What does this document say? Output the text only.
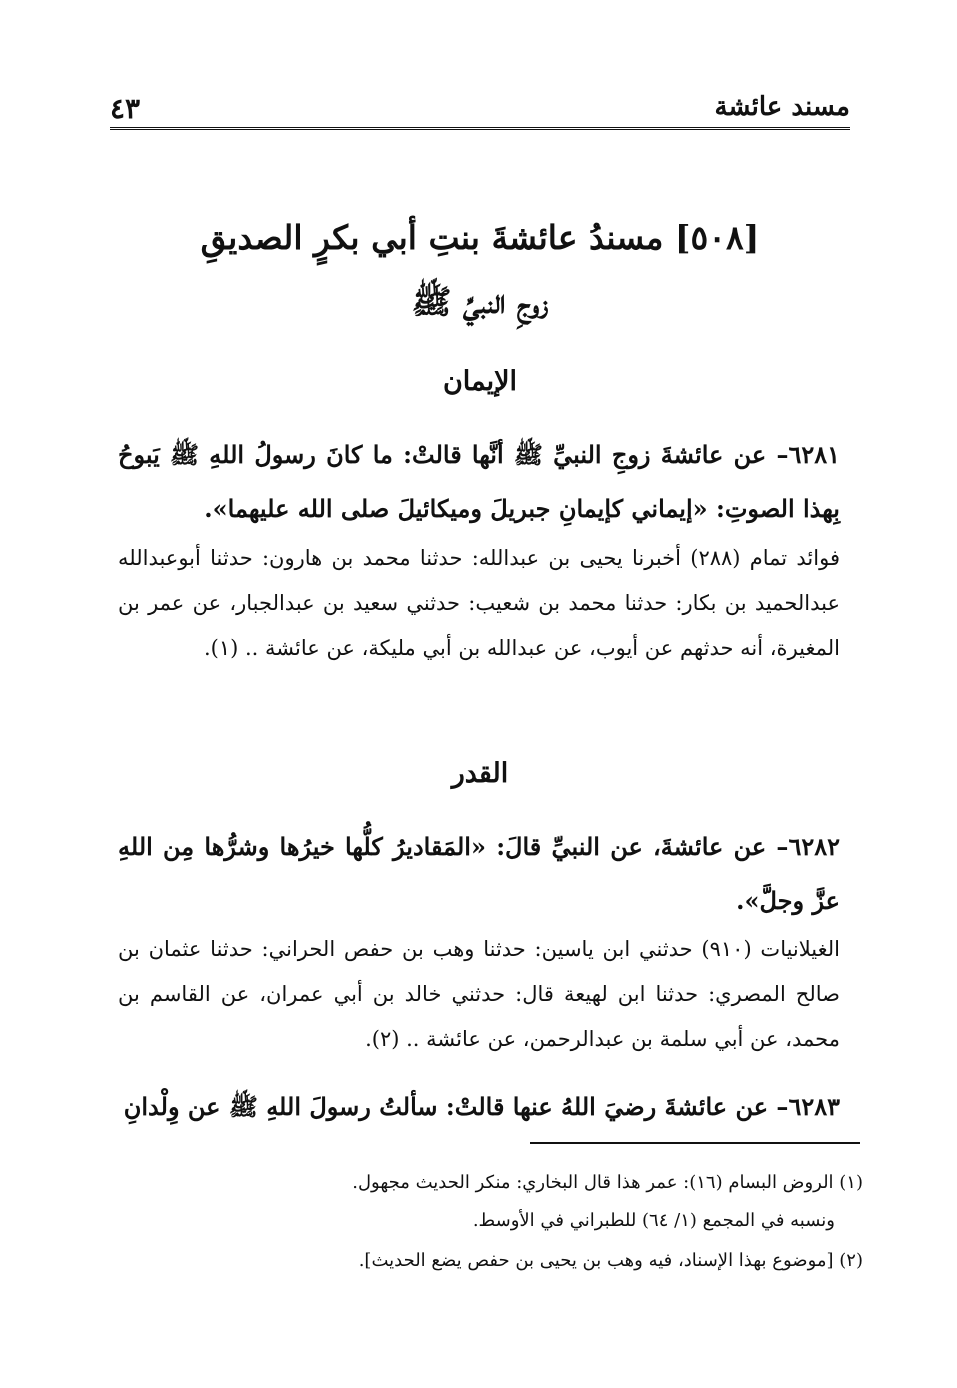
مسند عائشة
٤٣
[٥٠٨] مسندُ عائشةَ بنتِ أبي بكرٍ الصديقِ
زوجِ النبيِّ ﷺ
الإيمان
٦٢٨١– عن عائشةَ زوجِ النبيِّ ﷺ أنَّها قالتْ: ما كانَ رسولُ اللهِ ﷺ يَبوحُ بِهذا الصوتِ: «إيماني كإيمانِ جبريلَ وميكائيلَ صلى الله عليهما».
فوائد تمام (٢٨٨) أخبرنا يحيى بن عبدالله: حدثنا محمد بن هارون: حدثنا أبوعبدالله عبدالحميد بن بكار: حدثنا محمد بن شعيب: حدثني سعيد بن عبدالجبار، عن عمر بن المغيرة، أنه حدثهم عن أيوب، عن عبدالله بن أبي مليكة، عن عائشة .. (١).
القدر
٦٢٨٢– عن عائشةَ، عن النبيِّ قالَ: «المَقاديرُ كلُّها خيرُها وشرُّها مِن اللهِ عزَّ وجلَّ».
الغيلانيات (٩١٠) حدثني ابن ياسين: حدثنا وهب بن حفص الحراني: حدثنا عثمان بن صالح المصري: حدثنا ابن لهيعة قال: حدثني خالد بن أبي عمران، عن القاسم بن محمد، عن أبي سلمة بن عبدالرحمن، عن عائشة .. (٢).
٦٢٨٣– عن عائشةَ رضيَ اللهُ عنها قالتْ: سألتُ رسولَ اللهِ ﷺ عن وِلْدانِ
(١) الروض البسام (١٦): عمر هذا قال البخاري: منكر الحديث مجهول.
ونسبه في المجمع (١/ ٦٤) للطبراني في الأوسط.
(٢) [موضوع بهذا الإسناد، فيه وهب بن يحيى بن حفص يضع الحديث].
